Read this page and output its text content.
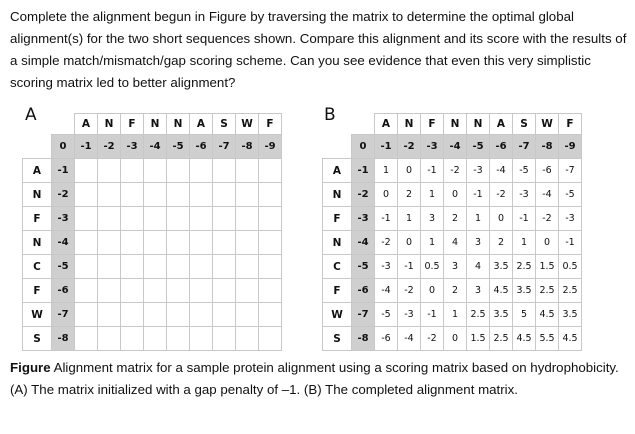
Complete the alignment begun in Figure by traversing the matrix to determine the optimal global alignment(s) for the two short sequences shown. Compare this alignment and its score with the results of a simple match/mismatch/gap scoring scheme. Can you see evidence that even this very simplistic scoring matrix led to better alignment?
A
			A	N	F	N	N	A	S	W	F
	0	-1	-2	-3	-4	-5	-6	-7	-8	-9
A	-1									
N	-2									
F	-3									
N	-4									
C	-5									
F	-6									
W	-7									
S	-8									
B
			A	N	F	N	N	A	S	W	F
	0	-1	-2	-3	-4	-5	-6	-7	-8	-9
A	-1	1	0	-1	-2	-3	-4	-5	-6	-7
N	-2	0	2	1	0	-1	-2	-3	-4	-5
F	-3	-1	1	3	2	1	0	-1	-2	-3
N	-4	-2	0	1	4	3	2	1	0	-1
C	-5	-3	-1	0.5	3	4	3.5	2.5	1.5	0.5
F	-6	-4	-2	0	2	3	4.5	3.5	2.5	2.5
W	-7	-5	-3	-1	1	2.5	3.5	5	4.5	3.5
S	-8	-6	-4	-2	0	1.5	2.5	4.5	5.5	4.5
Figure Alignment matrix for a sample protein alignment using a scoring matrix based on hydrophobicity. (A) The matrix initialized with a gap penalty of –1. (B) The completed alignment matrix.
